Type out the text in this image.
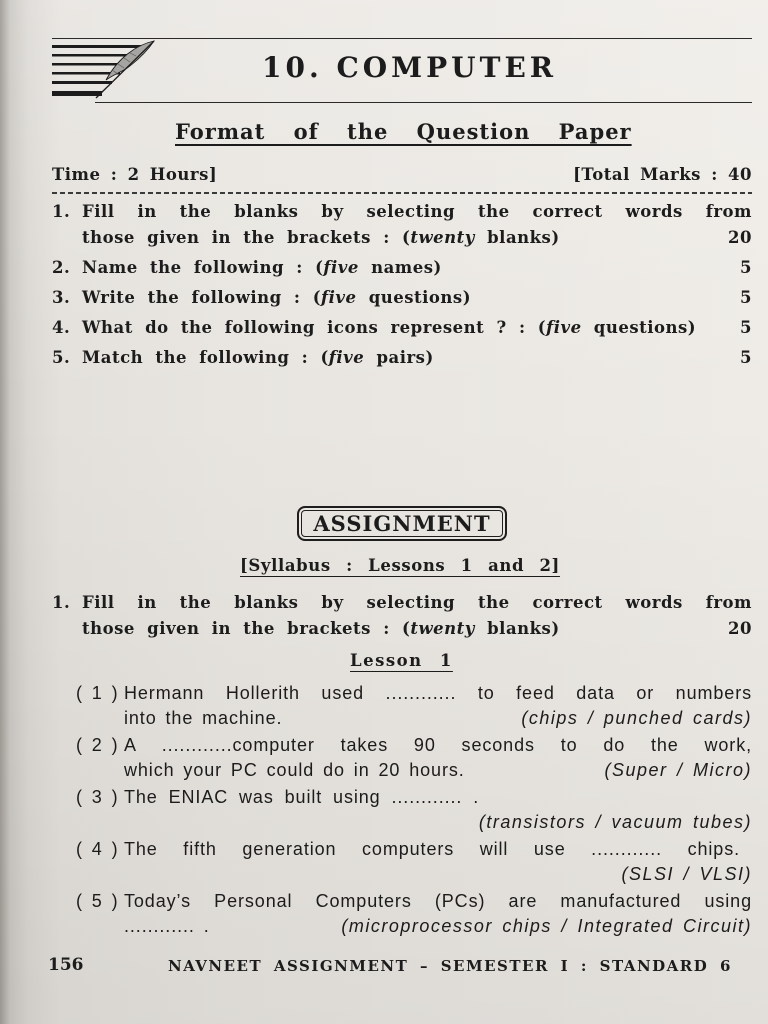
10. COMPUTER
Format of the Question Paper
Time : 2 Hours]	[Total Marks : 40
1. Fill in the blanks by selecting the correct words from
those given in the brackets : (twenty blanks)	20
2. Name the following : (five names)	5
3. Write the following : (five questions)	5
4. What do the following icons represent ? : (five questions)	5
5. Match the following : (five pairs)	5
ASSIGNMENT
[Syllabus : Lessons 1 and 2]
1. Fill in the blanks by selecting the correct words from
those given in the brackets : (twenty blanks)	20
Lesson 1
( 1 ) Hermann Hollerith used ............ to feed data or numbers
into the machine.	(chips / punched cards)
( 2 ) A ............computer takes 90 seconds to do the work,
which your PC could do in 20 hours.	(Super / Micro)
( 3 ) The ENIAC was built using ............ .
(transistors / vacuum tubes)
( 4 ) The fifth generation computers will use ............ chips.
(SLSI / VLSI)
( 5 ) Today’s Personal Computers (PCs) are manufactured using
............ .	(microprocessor chips / Integrated Circuit)
156	NAVNEET ASSIGNMENT – SEMESTER I : STANDARD 6
